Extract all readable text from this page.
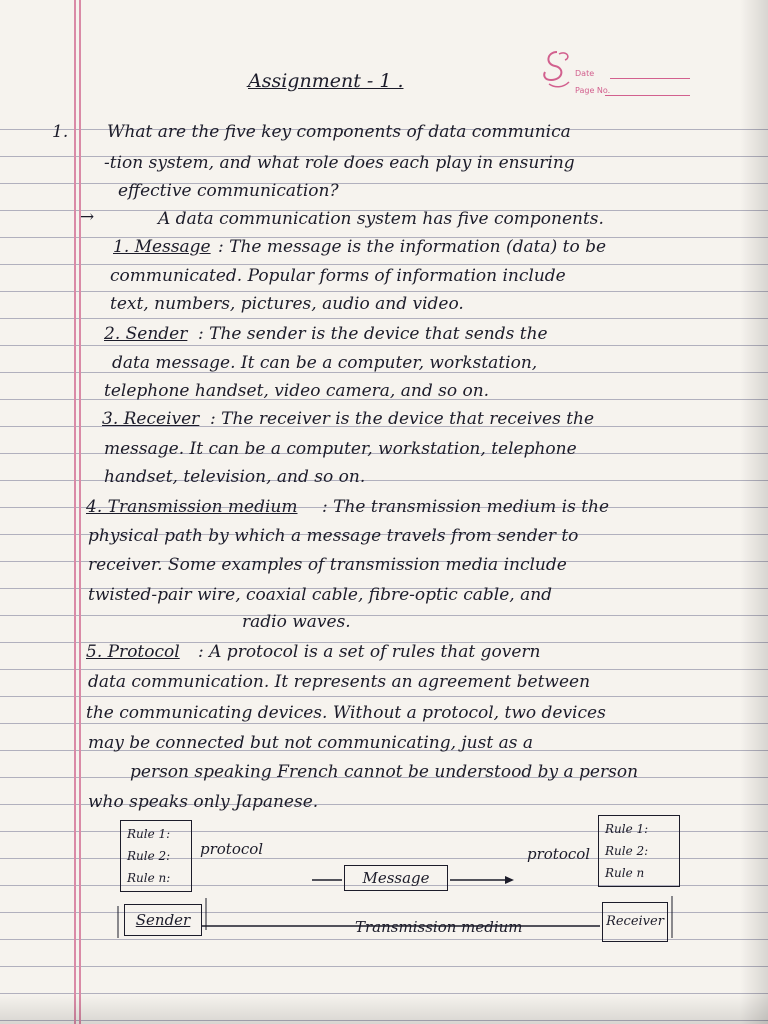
Date
Page No.
Assignment - 1 .
1. What are the five key components of data communica
-tion system, and what role does each play in ensuring
effective communication?
→	A data communication system has five components.
1. Message : The message is the information (data) to be
communicated. Popular forms of information include
text, numbers, pictures, audio and video.
2. Sender : The sender is the device that sends the
data message. It can be a computer, workstation,
telephone handset, video camera, and so on.
3. Receiver : The receiver is the device that receives the
message. It can be a computer, workstation, telephone
handset, television, and so on.
4. Transmission medium : The transmission medium is the
physical path by which a message travels from sender to
receiver. Some examples of transmission media include
twisted-pair wire, coaxial cable, fibre-optic cable, and
radio waves.
5. Protocol : A protocol is a set of rules that govern
data communication. It represents an agreement between
the communicating devices. Without a protocol, two devices
may be connected but not communicating, just as a
person speaking French cannot be understood by a person
who speaks only Japanese.
Rule 1:
Rule 2:
Rule n:
protocol
Rule 1:
Rule 2:
Rule n
protocol
Message
Sender	Receiver
Transmission medium
